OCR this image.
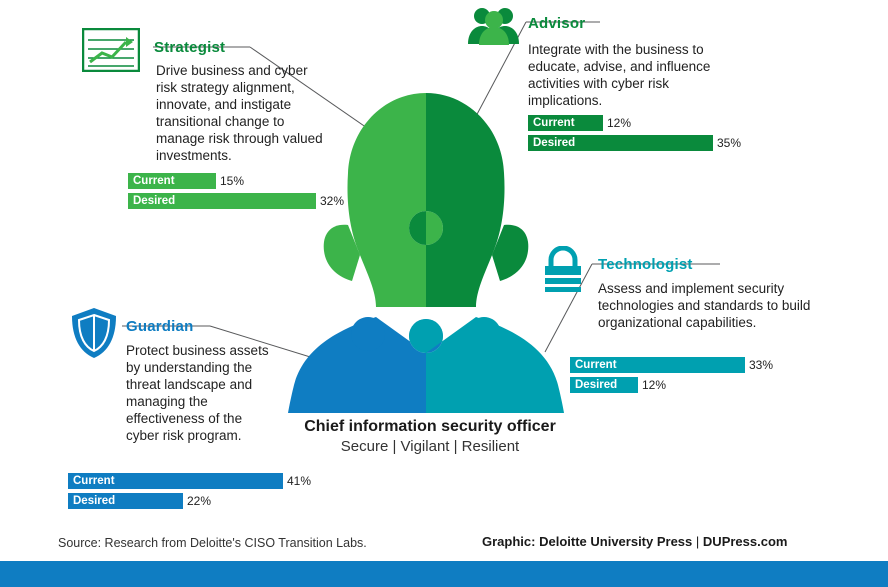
Chief information security officer
Secure | Vigilant | Resilient
Strategist
Drive business and cyber risk strategy alignment, innovate, and instigate transitional change to manage risk through valued investments.
Current	15%
Desired	32%
Advisor
Integrate with the business to educate, advise, and influence activities with cyber risk implications.
Current	12%
Desired	35%
Technologist
Assess and implement security technologies and standards to build organizational capabilities.
Current	33%
Desired 12%
Guardian
Protect business assets by understanding the threat landscape and managing the effectiveness of the cyber risk program.
Current	41%
Desired	22%
Source: Research from Deloitte's CISO Transition Labs.	Graphic: Deloitte University Press | DUPress.com
